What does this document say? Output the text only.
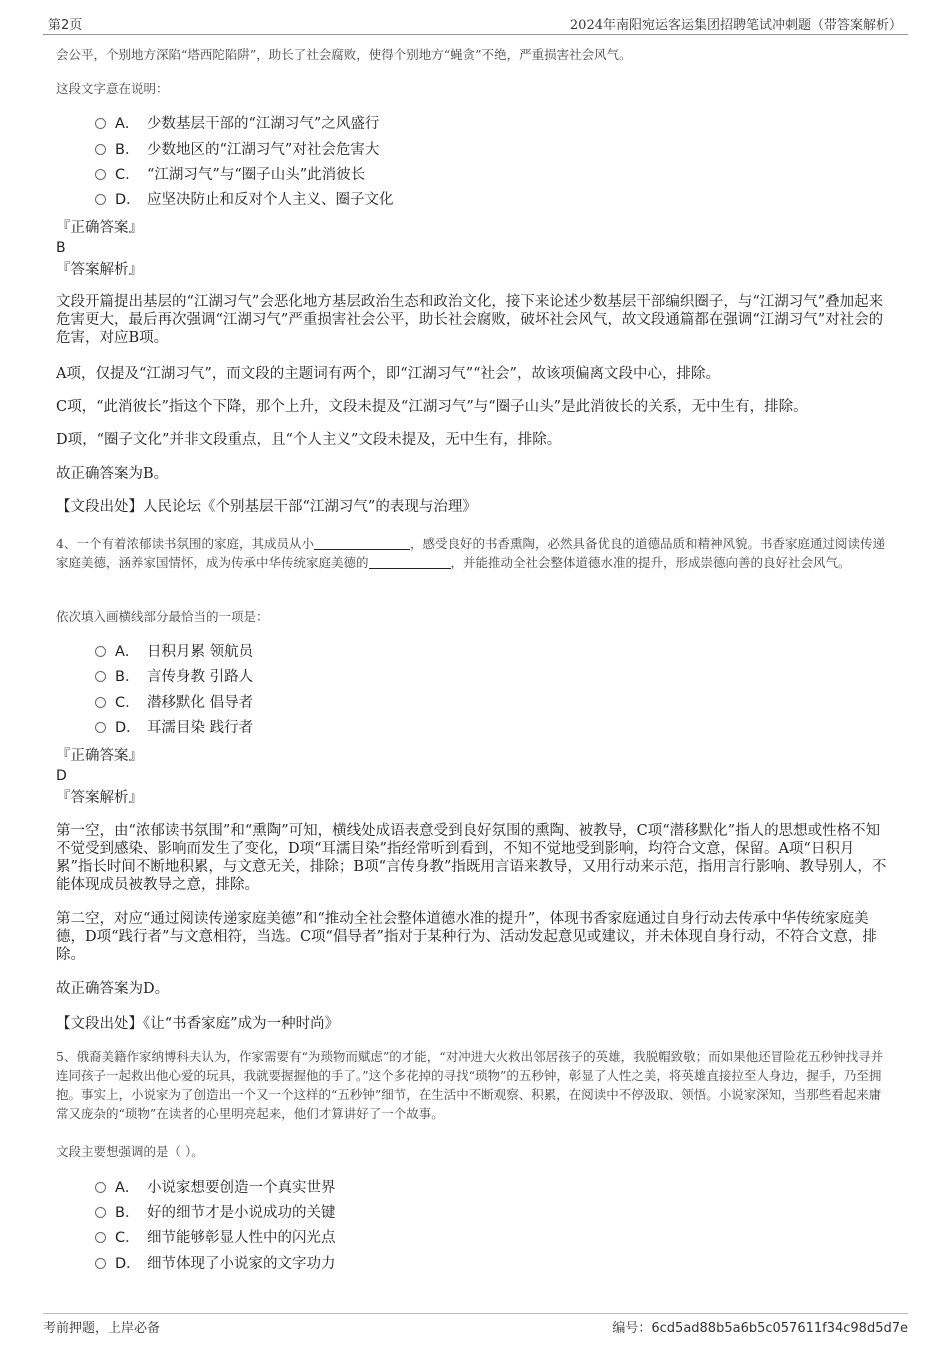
第2页	2024年南阳宛运客运集团招聘笔试冲刺题（带答案解析）
会公平，个别地方深陷“塔西陀陷阱”，助长了社会腐败，使得个别地方“蝇贪”不绝，严重损害社会风气。
这段文字意在说明：
A． 少数基层干部的“江湖习气”之风盛行
B． 少数地区的“江湖习气”对社会危害大
C． “江湖习气”与“圈子山头”此消彼长
D． 应坚决防止和反对个人主义、圈子文化
『正确答案』
B
『答案解析』
文段开篇提出基层的“江湖习气”会恶化地方基层政治生态和政治文化，接下来论述少数基层干部编织圈子，与“江湖习气”叠加起来危害更大，最后再次强调“江湖习气”严重损害社会公平，助长社会腐败，破坏社会风气，故文段通篇都在强调“江湖习气”对社会的危害，对应B项。
A项，仅提及“江湖习气”，而文段的主题词有两个，即“江湖习气”“社会”，故该项偏离文段中心，排除。
C项，“此消彼长”指这个下降，那个上升，文段未提及“江湖习气”与“圈子山头”是此消彼长的关系，无中生有，排除。
D项，“圈子文化”并非文段重点，且“个人主义”文段未提及，无中生有，排除。
故正确答案为B。
【文段出处】人民论坛《个别基层干部“江湖习气”的表现与治理》
4、一个有着浓郁读书氛围的家庭，其成员从小	，感受良好的书香熏陶，必然具备优良的道德品质和精神风貌。书香家庭通过阅读传递家庭美德，涵养家国情怀，成为传承中华传统家庭美德的	，并能推动全社会整体道德水准的提升，形成崇德向善的良好社会风气。
依次填入画横线部分最恰当的一项是：
A． 日积月累 领航员
B． 言传身教 引路人
C． 潜移默化 倡导者
D． 耳濡目染 践行者
『正确答案』
D
『答案解析』
第一空，由“浓郁读书氛围”和“熏陶”可知，横线处成语表意受到良好氛围的熏陶、被教导，C项“潜移默化”指人的思想或性格不知不觉受到感染、影响而发生了变化，D项“耳濡目染”指经常听到看到，不知不觉地受到影响，均符合文意，保留。A项“日积月累”指长时间不断地积累，与文意无关，排除；B项“言传身教”指既用言语来教导，又用行动来示范，指用言行影响、教导别人，不能体现成员被教导之意，排除。
第二空，对应“通过阅读传递家庭美德”和“推动全社会整体道德水准的提升”，体现书香家庭通过自身行动去传承中华传统家庭美德，D项“践行者”与文意相符，当选。C项“倡导者”指对于某种行为、活动发起意见或建议，并未体现自身行动，不符合文意，排除。
故正确答案为D。
【文段出处】《让“书香家庭”成为一种时尚》
5、俄裔美籍作家纳博科夫认为，作家需要有“为琐物而赋虑”的才能，“对冲进大火救出邻居孩子的英雄，我脱帽致敬；而如果他还冒险花五秒钟找寻并连同孩子一起救出他心爱的玩具，我就要握握他的手了。”这个多花掉的寻找“琐物”的五秒钟，彰显了人性之美，将英雄直接拉至人身边，握手，乃至拥抱。事实上，小说家为了创造出一个又一个这样的“五秒钟”细节，在生活中不断观察、积累，在阅读中不停汲取、领悟。小说家深知，当那些看起来庸常又庞杂的“琐物”在读者的心里明亮起来，他们才算讲好了一个故事。
文段主要想强调的是（ ）。
A． 小说家想要创造一个真实世界
B． 好的细节才是小说成功的关键
C． 细节能够彰显人性中的闪光点
D． 细节体现了小说家的文字功力
考前押题，上岸必备	编号：6cd5ad88b5a6b5c057611f34c98d5d7e
